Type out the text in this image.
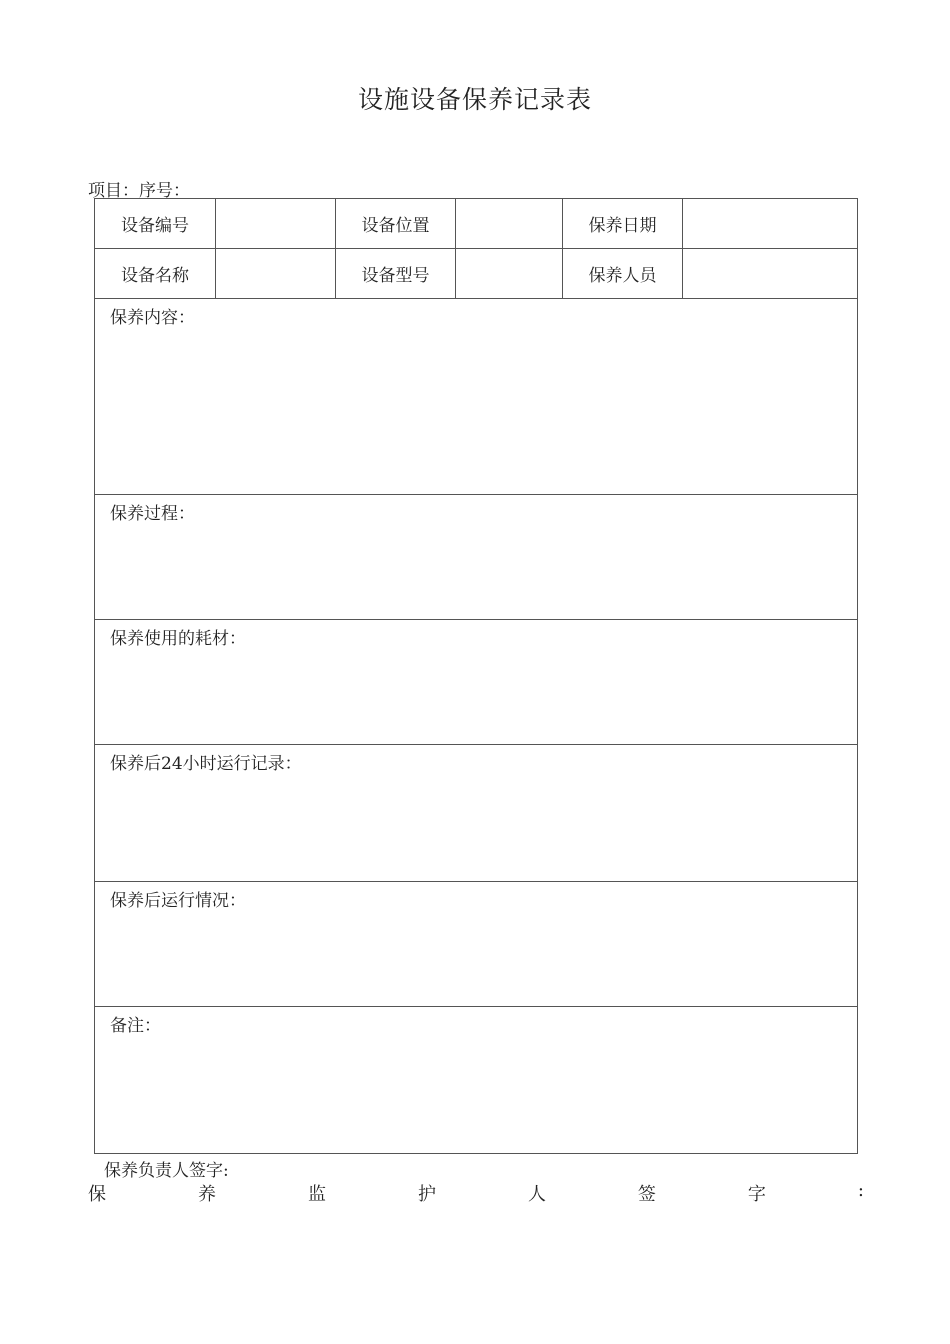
设施设备保养记录表
项目：序号：
设备编号		设备位置		保养日期	
设备名称		设备型号		保养人员	

保养内容：					

保养过程：					

保养使用的耗材：					

保养后24小时运行记录：					

保养后运行情况：					

备注：					
保养负责人签字:
保	养	监	护	人	签	字	:
